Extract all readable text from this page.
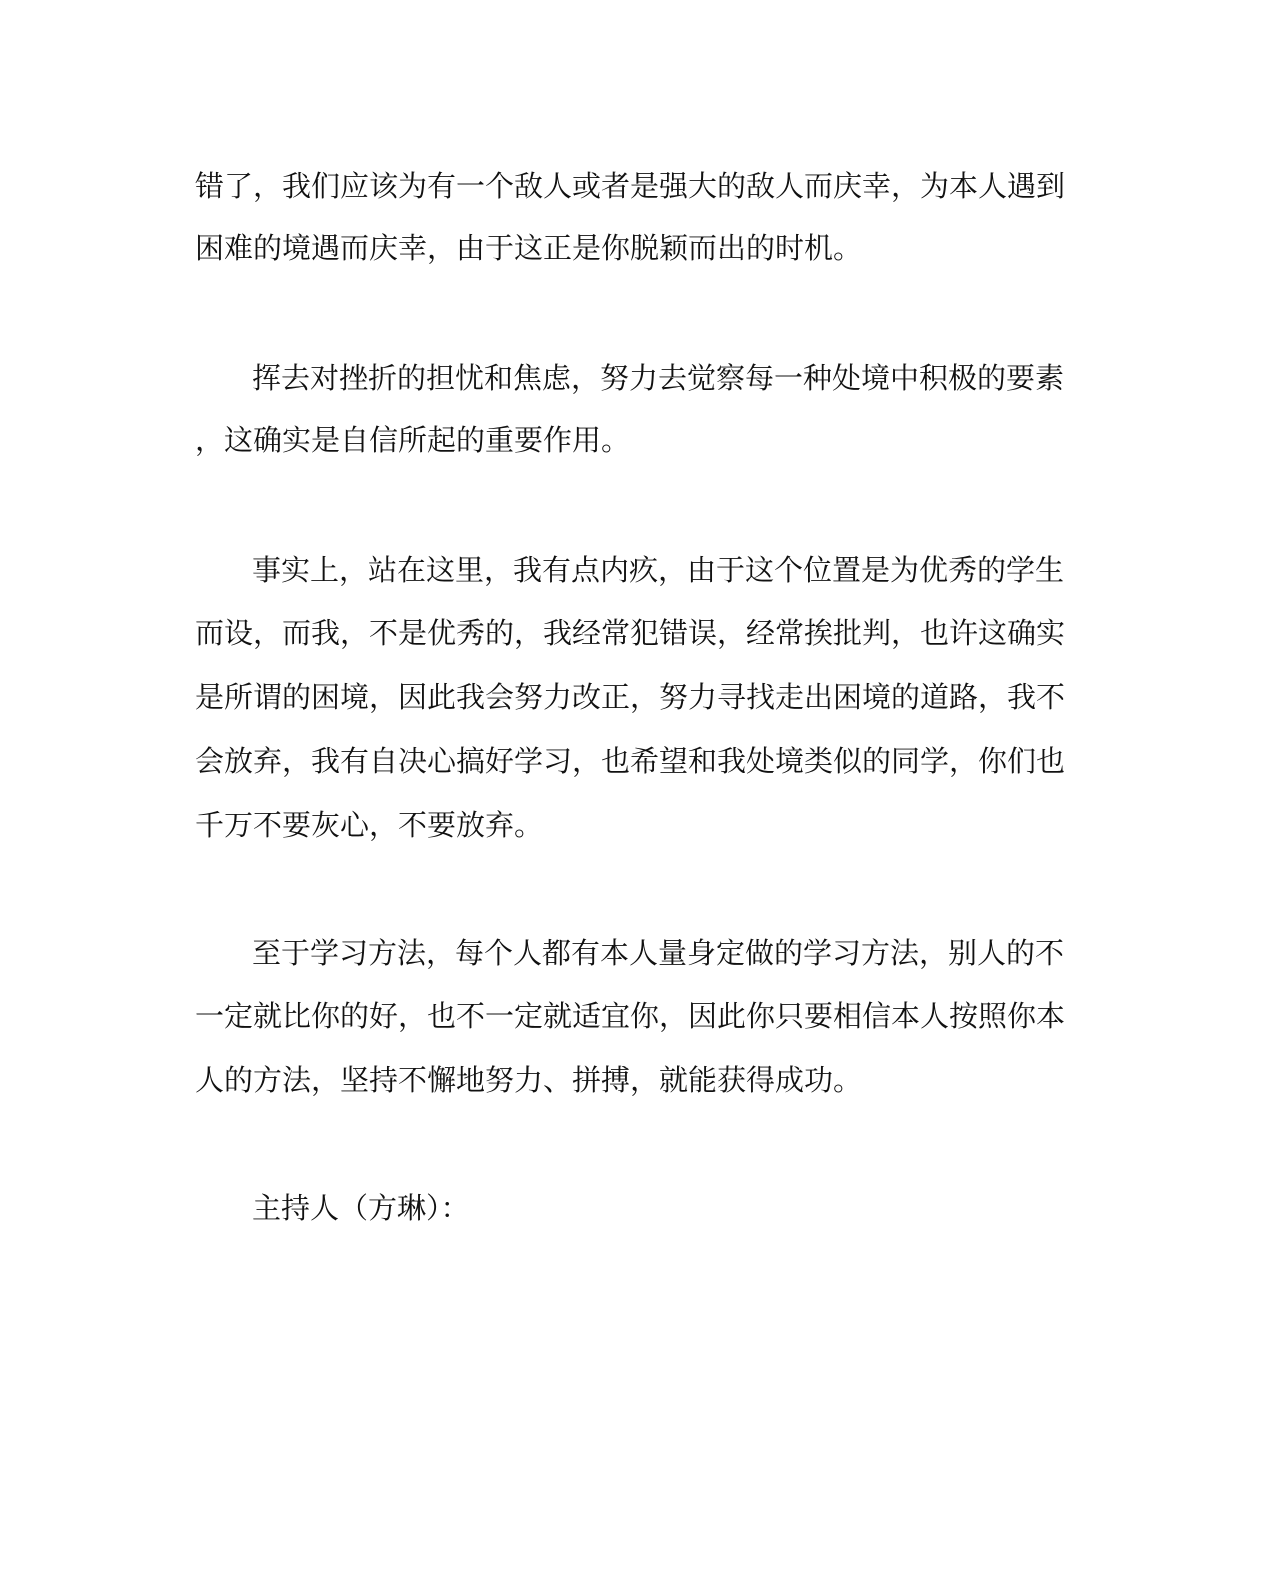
错了，我们应该为有一个敌人或者是强大的敌人而庆幸，为本人遇到
困难的境遇而庆幸，由于这正是你脱颖而出的时机。
挥去对挫折的担忧和焦虑，努力去觉察每一种处境中积极的要素
，这确实是自信所起的重要作用。
事实上，站在这里，我有点内疚，由于这个位置是为优秀的学生
而设，而我，不是优秀的，我经常犯错误，经常挨批判，也许这确实
是所谓的困境，因此我会努力改正，努力寻找走出困境的道路，我不
会放弃，我有自决心搞好学习，也希望和我处境类似的同学，你们也
千万不要灰心，不要放弃。
至于学习方法，每个人都有本人量身定做的学习方法，别人的不
一定就比你的好，也不一定就适宜你，因此你只要相信本人按照你本
人的方法，坚持不懈地努力、拼搏，就能获得成功。
主持人（方琳）：
